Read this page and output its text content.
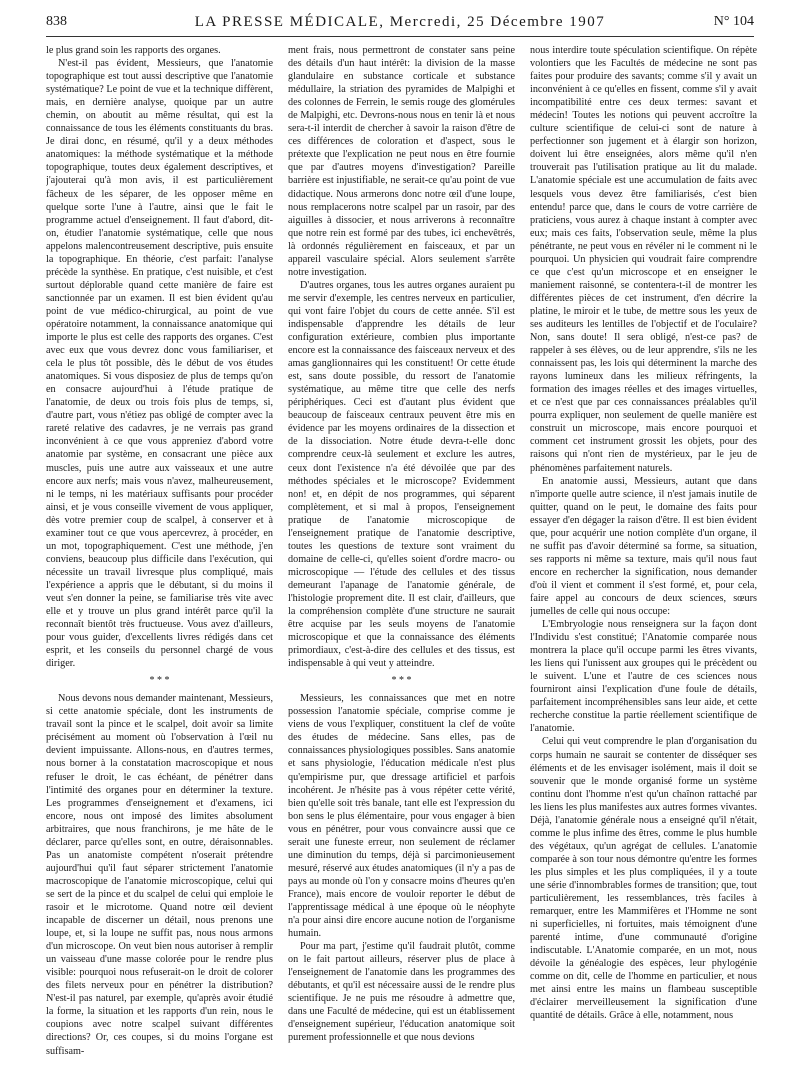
838	LA PRESSE MÉDICALE, Mercredi, 25 Décembre 1907	N° 104

le plus grand soin les rapports des organes.

N'est-il pas évident, Messieurs, que l'anatomie topographique est tout aussi descriptive que l'anatomie systématique? Le point de vue et la technique diffèrent, mais, en dernière analyse, quoique par un autre chemin, on aboutit au même résultat, qui est la connaissance de tous les éléments constituants du bras. Je dirai donc, en résumé, qu'il y a deux méthodes anatomiques: la méthode systématique et la méthode topographique, toutes deux également descriptives, et j'ajouterai qu'à mon avis, il est particulièrement fâcheux de les séparer, de les opposer même en quelque sorte l'une à l'autre, ainsi que le fait le programme actuel d'enseignement. Il faut d'abord, dit-on, étudier l'anatomie systématique, celle que nous appelons malencontreusement descriptive, puis ensuite la topographique. En théorie, c'est parfait: l'analyse précède la synthèse. En pratique, c'est nuisible, et c'est surtout déplorable quand cette manière de faire est sanctionnée par un examen. Il est bien évident qu'au point de vue médico-chirurgical, au point de vue opératoire notamment, la connaissance anatomique qui importe le plus est celle des rapports des organes. C'est avec eux que vous devrez donc vous familiariser, et cela le plus tôt possible, dès le début de vos études anatomiques. Si vous disposiez de plus de temps qu'on en consacre aujourd'hui à l'étude pratique de l'anatomie, de deux ou trois fois plus de temps, si, d'autre part, vous n'étiez pas obligé de compter avec la rareté relative des cadavres, je ne verrais pas grand inconvénient à ce que vous appreniez d'abord votre anatomie par système, en consacrant une pièce aux muscles, puis une autre aux vaisseaux et une autre encore aux nerfs; mais vous n'avez, malheureusement, ni le temps, ni les matériaux suffisants pour procéder ainsi, et je vous conseille vivement de vous appliquer, dès votre premier coup de scalpel, à conserver et à examiner tout ce que vous apercevrez, à procéder, en un mot, topographiquement. C'est une méthode, j'en conviens, beaucoup plus difficile dans l'exécution, qui nécessite un travail livresque plus compliqué, mais l'expérience a appris que le débutant, si du moins il veut s'en donner la peine, se familiarise très vite avec elle et y trouve un plus grand intérêt parce qu'il la reconnaît bientôt très fructueuse. Vous avez d'ailleurs, pour vous guider, d'excellents livres rédigés dans cet esprit, et les conseils du personnel chargé de vous diriger.

* * *

Nous devons nous demander maintenant, Messieurs, si cette anatomie spéciale, dont les instruments de travail sont la pince et le scalpel, doit avoir sa limite précisément au moment où l'observation à l'œil nu devient impuissante. Allons-nous, en d'autres termes, nous borner à la constatation macroscopique et nous refuser le droit, le cas échéant, de pénétrer dans l'intimité des organes pour en déterminer la texture. Les programmes d'enseignement et d'examens, ici encore, nous ont imposé des limites absolument arbitraires, que nous franchirons, je me hâte de le déclarer, parce qu'elles sont, en outre, déraisonnables. Pas un anatomiste compétent n'oserait prétendre aujourd'hui qu'il faut séparer strictement l'anatomie macroscopique de l'anatomie microscopique, celui qui se sert de la pince et du scalpel de celui qui emploie le rasoir et le microtome. Quand notre œil devient incapable de discerner un détail, nous prenons une loupe, et, si la loupe ne suffit pas, nous nous armons d'un microscope. On veut bien nous autoriser à remplir un vaisseau d'une masse colorée pour le rendre plus visible: pourquoi nous refuserait-on le droit de colorer des filets nerveux pour en pénétrer la distribution? N'est-il pas naturel, par exemple, qu'après avoir étudié la forme, la situation et les rapports d'un rein, nous le coupions avec notre scalpel suivant différentes directions? Or, ces coupes, si du moins l'organe est suffisam-

ment frais, nous permettront de constater sans peine des détails d'un haut intérêt: la division de la masse glandulaire en substance corticale et substance médullaire, la striation des pyramides de Malpighi et des colonnes de Ferrein, le semis rouge des glomérules de Malpighi, etc. Devrons-nous nous en tenir là et nous sera-t-il interdit de chercher à savoir la raison d'être de ces différences de coloration et d'aspect, sous le prétexte que l'explication ne peut nous en être fournie que par d'autres moyens d'investigation? Pareille barrière est injustifiable, ne serait-ce qu'au point de vue didactique. Nous armerons donc notre œil d'une loupe, nous remplacerons notre scalpel par un rasoir, par des aiguilles à dissocier, et nous arriverons à reconnaître que notre rein est formé par des tubes, ici enchevêtrés, là ordonnés régulièrement en faisceaux, et par un appareil vasculaire spécial. Alors seulement s'arrête notre investigation.

D'autres organes, tous les autres organes auraient pu me servir d'exemple, les centres nerveux en particulier, qui vont faire l'objet du cours de cette année. S'il est indispensable d'apprendre les détails de leur configuration extérieure, combien plus importante encore est la connaissance des faisceaux nerveux et des amas ganglionnaires qui les constituent! Or cette étude est, sans doute possible, du ressort de l'anatomie systématique, au même titre que celle des nerfs périphériques. Ceci est d'autant plus évident que beaucoup de faisceaux centraux peuvent être mis en évidence par les moyens ordinaires de la dissection et de la dissociation. Notre étude devra-t-elle donc comprendre ceux-là seulement et exclure les autres, ceux dont l'existence n'a été dévoilée que par des méthodes spéciales et le microscope? Evidemment non! et, en dépit de nos programmes, qui séparent complètement, et si mal à propos, l'enseignement pratique de l'anatomie microscopique de l'enseignement pratique de l'anatomie descriptive, toutes les questions de texture sont vraiment du domaine de celle-ci, qu'elles soient d'ordre macro- ou microscopique — l'étude des cellules et des tissus demeurant l'apanage de l'anatomie générale, de l'histologie proprement dite. Il est clair, d'ailleurs, que la compréhension complète d'une structure ne saurait être acquise par les seuls moyens de l'anatomie microscopique et que la connaissance des éléments primordiaux, c'est-à-dire des cellules et des tissus, est indispensable à qui veut y atteindre.

* * *

Messieurs, les connaissances que met en notre possession l'anatomie spéciale, comprise comme je viens de vous l'expliquer, constituent la clef de voûte des études de médecine. Sans elles, pas de connaissances physiologiques possibles. Sans anatomie et sans physiologie, l'éducation médicale n'est plus qu'empirisme pur, que dressage artificiel et parfois incohérent. Je n'hésite pas à vous répéter cette vérité, bien qu'elle soit très banale, tant elle est l'expression du bon sens le plus élémentaire, pour vous engager à bien vous en pénétrer, pour vous convaincre aussi que ce serait une funeste erreur, non seulement de réclamer une diminution du temps, déjà si parcimonieusement mesuré, réservé aux études anatomiques (il n'y a pas de pays au monde où l'on y consacre moins d'heures qu'en France), mais encore de vouloir reporter le début de l'apprentissage médical à une époque où le néophyte n'a pour ainsi dire encore aucune notion de l'organisme humain.

Pour ma part, j'estime qu'il faudrait plutôt, comme on le fait partout ailleurs, réserver plus de place à l'enseignement de l'anatomie dans les programmes des débutants, et qu'il est nécessaire aussi de le rendre plus scientifique. Je ne puis me résoudre à admettre que, dans une Faculté de médecine, qui est un établissement d'enseignement supérieur, l'éducation anatomique soit purement professionnelle et que nous devions

nous interdire toute spéculation scientifique. On répète volontiers que les Facultés de médecine ne sont pas faites pour produire des savants; comme s'il y avait un inconvénient à ce qu'elles en fissent, comme s'il y avait incompatibilité entre ces deux termes: savant et médecin! Toutes les notions qui peuvent accroître la culture scientifique de celui-ci sont de nature à perfectionner son jugement et à élargir son horizon, doivent lui être enseignées, alors même qu'il n'en trouverait pas l'utilisation pratique au lit du malade. L'anatomie spéciale est une accumulation de faits avec lesquels vous devez être familiarisés, c'est bien entendu! parce que, dans le cours de votre carrière de praticiens, vous aurez à chaque instant à compter avec eux; mais ces faits, l'observation seule, même la plus pénétrante, ne peut vous en révéler ni le comment ni le pourquoi. Un physicien qui voudrait faire comprendre ce que c'est qu'un microscope et en enseigner le maniement raisonné, se contentera-t-il de montrer les différentes pièces de cet instrument, d'en décrire la platine, le miroir et le tube, de mettre sous les yeux de ses auditeurs les lentilles de l'objectif et de l'oculaire? Non, sans doute! Il sera obligé, n'est-ce pas? de rappeler à ses élèves, ou de leur apprendre, s'ils ne les connaissent pas, les lois qui déterminent la marche des rayons lumineux dans les milieux réfringents, la formation des images réelles et des images virtuelles, et ce n'est que par ces connaissances préalables qu'il pourra expliquer, non seulement de quelle manière est construit un microscope, mais encore pourquoi et comment cet instrument grossit les objets, pour des raisons qui n'ont rien de mystérieux, par le jeu de phénomènes parfaitement naturels.

En anatomie aussi, Messieurs, autant que dans n'importe quelle autre science, il n'est jamais inutile de quitter, quand on le peut, le domaine des faits pour essayer d'en dégager la raison d'être. Il est bien évident que, pour acquérir une notion complète d'un organe, il ne suffit pas d'avoir déterminé sa forme, sa situation, ses rapports ni même sa texture, mais qu'il nous faut encore en rechercher la signification, nous demander d'où il vient et comment il s'est formé, et, pour cela, faire appel au concours de deux sciences, sœurs jumelles de celle qui nous occupe:

L'Embryologie nous renseignera sur la façon dont l'Individu s'est constitué; l'Anatomie comparée nous montrera la place qu'il occupe parmi les êtres vivants, les liens qui l'unissent aux groupes qui le précèdent ou le suivent. L'une et l'autre de ces sciences nous fourniront ainsi l'explication d'une foule de détails, parfaitement incompréhensibles sans leur aide, et cette recherche constitue la partie réellement scientifique de l'anatomie.

Celui qui veut comprendre le plan d'organisation du corps humain ne saurait se contenter de disséquer ses éléments et de les envisager isolément, mais il doit se souvenir que le monde organisé forme un système continu dont l'homme n'est qu'un chaînon rattaché par les liens les plus manifestes aux autres formes vivantes. Déjà, l'anatomie générale nous a enseigné qu'il n'était, comme le plus infime des êtres, comme le plus humble des végétaux, qu'un agrégat de cellules. L'anatomie comparée à son tour nous démontre qu'entre les formes les plus simples et les plus compliquées, il y a toute une série d'innombrables formes de transition; que, tout particulièrement, les ressemblances, très faciles à remarquer, entre les Mammifères et l'Homme ne sont ni superficielles, ni fortuites, mais témoignent d'une parenté intime, d'une communauté d'origine indiscutable. L'Anatomie comparée, en un mot, nous dévoile la généalogie des espèces, leur phylogénie comme on dit, celle de l'homme en particulier, et nous met ainsi entre les mains un flambeau susceptible d'éclairer merveilleusement la signification d'une quantité de détails. Grâce à elle, notamment, nous
